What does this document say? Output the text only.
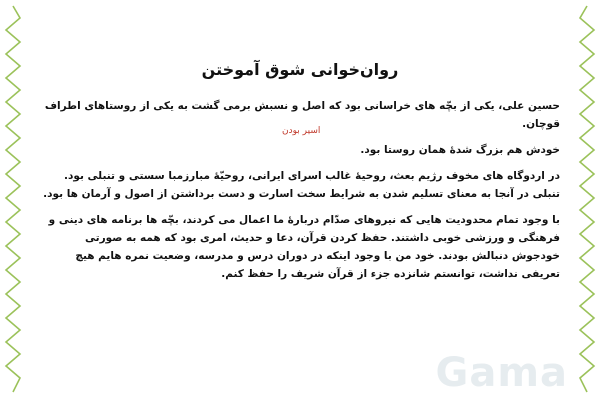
روان‌خوانی شوق آموختن

حسین علی، یکی از بچّه های خراسانی بود که اصل و نسبش برمی گشت به یکی از روستاهای اطراف قوچان.

خودش هم بزرگ شدهٔ همان روستا بود.

در اردوگاه های مخوف رژیم بعث، روحیهٔ غالب اسرای ایرانی، روحیّهٔ مبارزمبا سستی و تنبلی بود. تنبلی در آنجا به معنای تسلیم شدن به شرایط سخت اسارت و دست برداشتن از اصول و آرمان ها بود.

با وجود تمام محدودیت هایی که نیروهای صدّام دربارهٔ ما اعمال می کردند، بچّه ها برنامه های دینی و فرهنگی و ورزشی خوبی داشتند. حفظ کردن قرآن، دعا و حدیث، امری بود که همه به صورتی خودجوش دنبالش بودند. خود من با وجود اینکه در دوران درس و مدرسه، وضعیت نمره هایم هیچ تعریفی نداشت، توانستم شانزده جزء از قرآن شریف را حفظ کنم.

اسیر بودن
Gama
